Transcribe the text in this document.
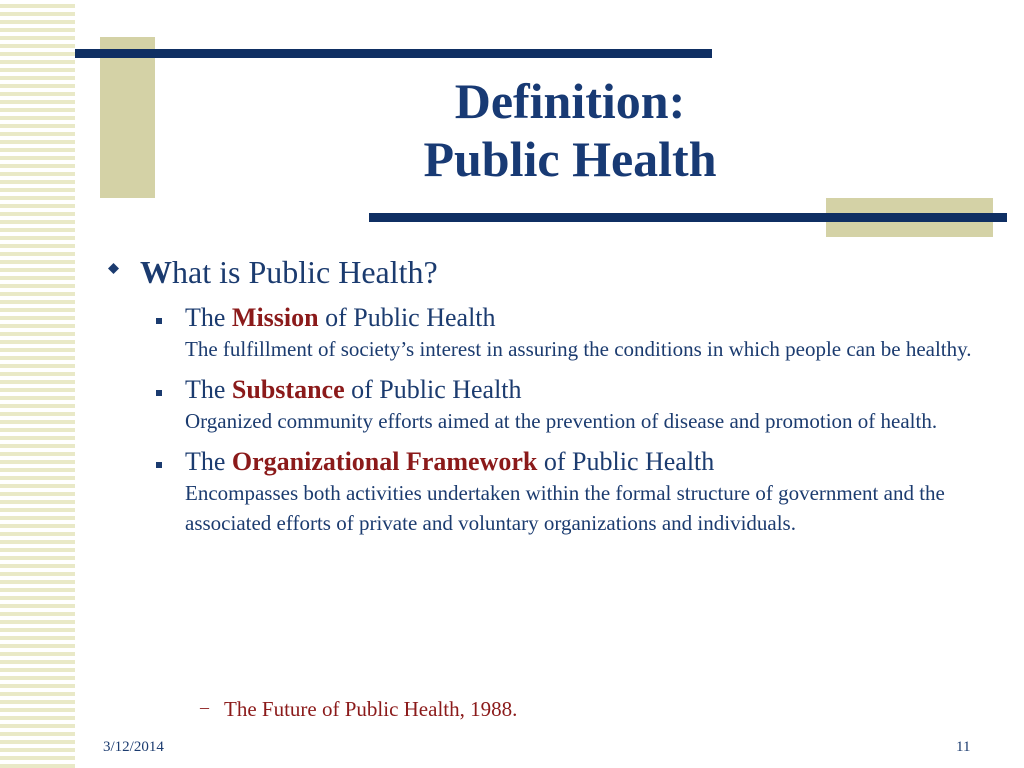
Definition:
Public Health
What is Public Health?
The Mission of Public Health
The fulfillment of society’s interest in assuring the conditions in which people can be healthy.
The Substance of Public Health
Organized community efforts aimed at the prevention of disease and promotion of health.
The Organizational Framework of Public Health
Encompasses both activities undertaken within the formal structure of government and the associated efforts of private and voluntary organizations and individuals.
– The Future of Public Health, 1988.
3/12/2014	11
